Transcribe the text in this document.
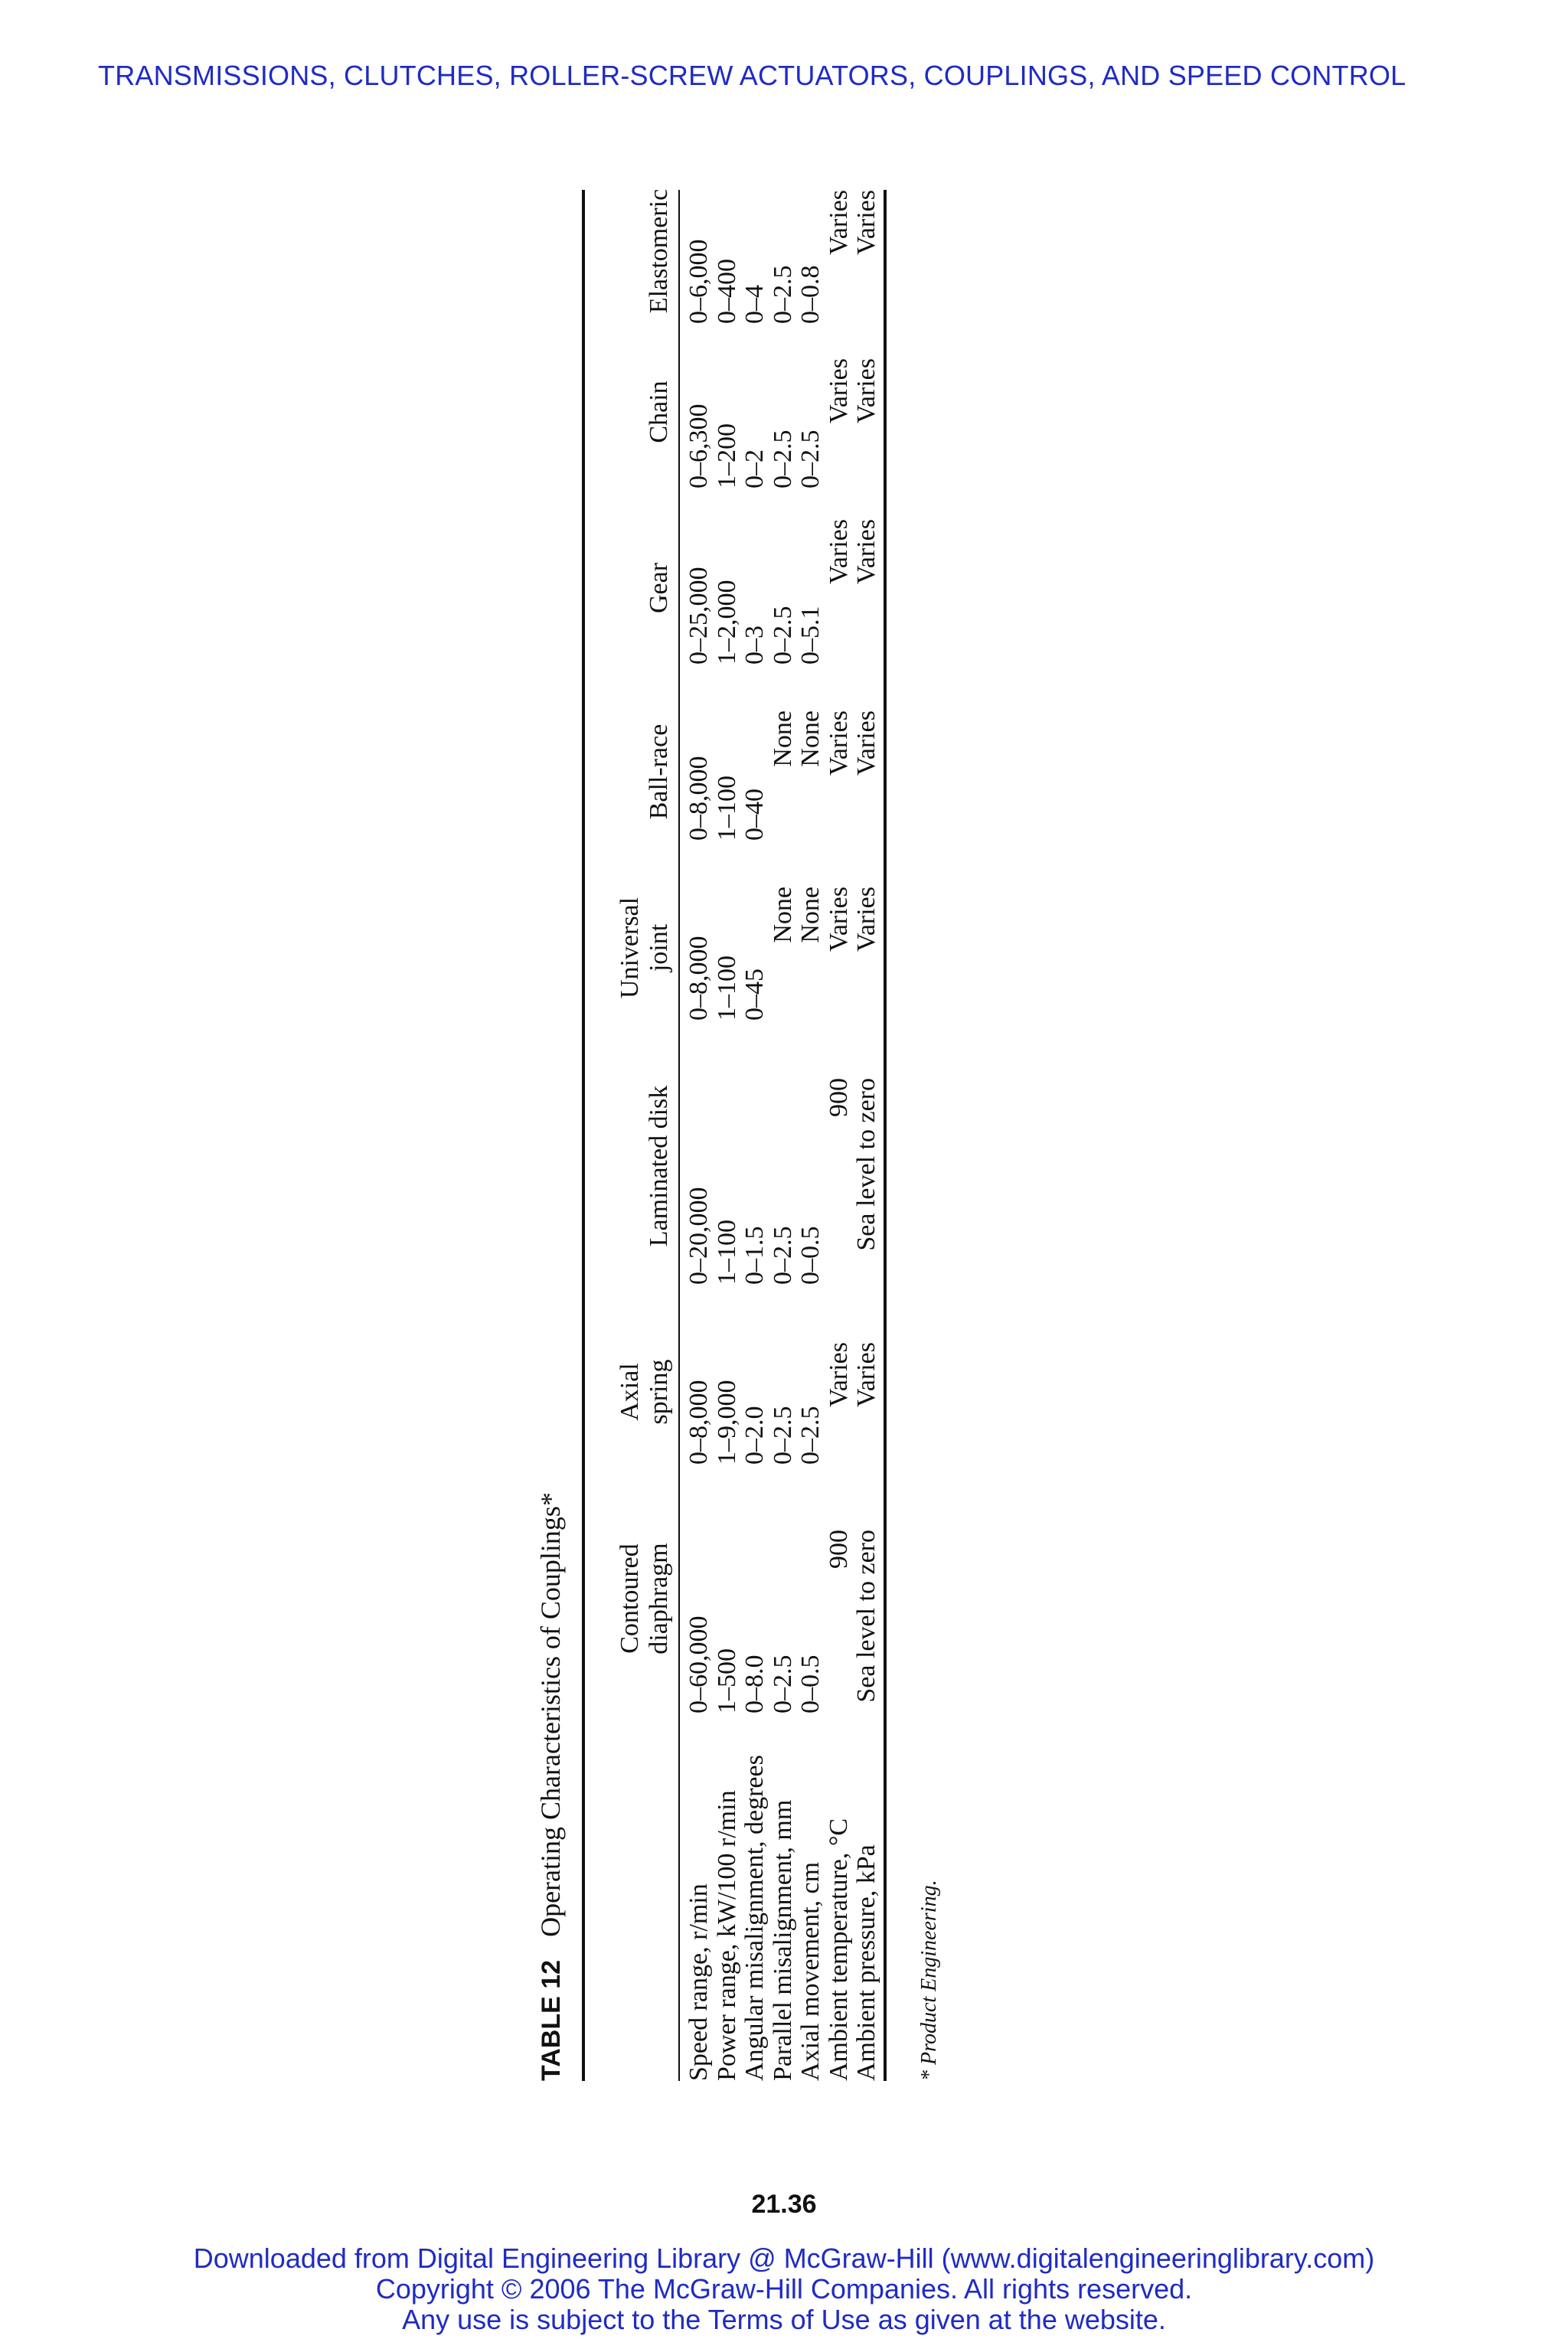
TRANSMISSIONS, CLUTCHES, ROLLER-SCREW ACTUATORS, COUPLINGS, AND SPEED CONTROL
TABLE 12Operating Characteristics of Couplings* Contoured diaphragm
Axial spring
Laminated disk
Universal joint
Ball-race
Gear
Chain
Elastomeric
Speed range, r/min
0–60,000
0–8,000
0–20,000
0–8,000
0–8,000
0–25,000
0–6,300
0–6,000
Power range, kW/100 r/min
1–500
1–9,000
1–100
1–100
1–100
1–2,000
1–200
0–400
Angular misalignment, degrees
0–8.0
0–2.0
0–1.5
0–45
0–40
0–3
0–2
0–4
Parallel misalignment, mm
0–2.5
0–2.5
0–2.5
None
None
0–2.5
0–2.5
0–2.5
Axial movement, cm
0–0.5
0–2.5
0–0.5
None
None
0–5.1
0–2.5
0–0.8
Ambient temperature, °C
900
Varies
900
Varies
Varies
Varies
Varies
Varies
Ambient pressure, kPa
Sea level to zero
Varies
Sea level to zero
Varies
Varies
Varies
Varies
Varies
* Product Engineering.
21.36
Downloaded from Digital Engineering Library @ McGraw-Hill (www.digitalengineeringlibrary.com)
Copyright © 2006 The McGraw-Hill Companies. All rights reserved.
Any use is subject to the Terms of Use as given at the website.
